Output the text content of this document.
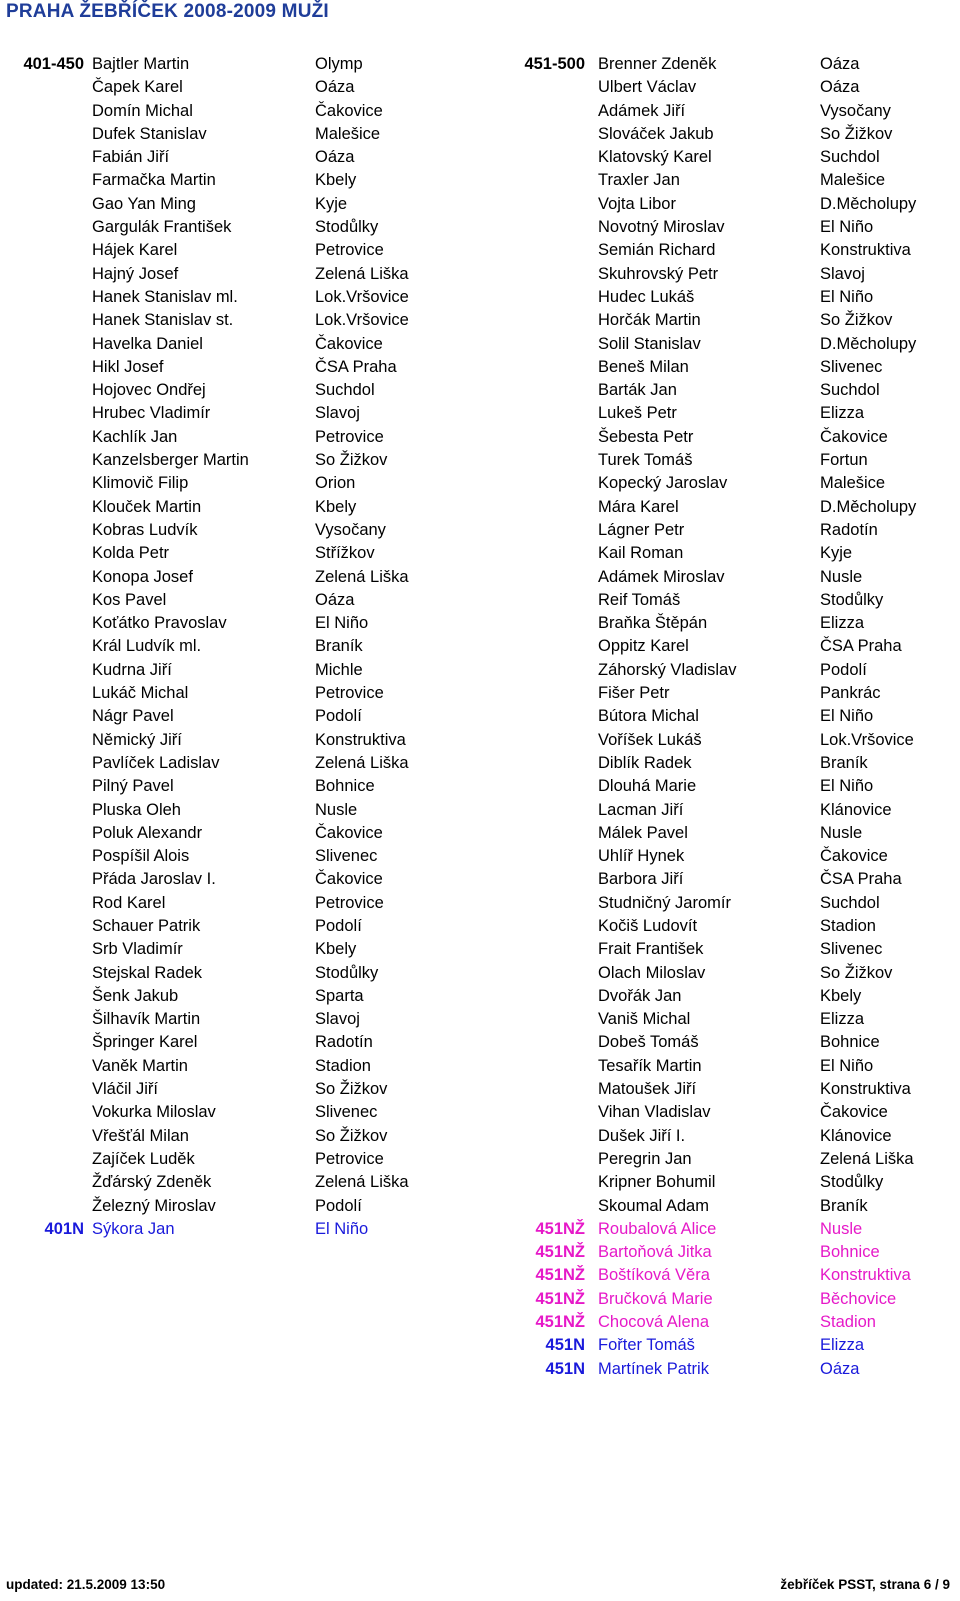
PRAHA ŽEBŘÍČEK 2008-2009 MUŽI
401-450 Bajtler Martin	Olymp
Čapek Karel	Oáza
Domín Michal	Čakovice
Dufek Stanislav	Malešice
Fabián Jiří	Oáza
Farmačka Martin	Kbely
Gao Yan Ming	Kyje
Gargulák František	Stodůlky
Hájek Karel	Petrovice
Hajný Josef	Zelená Liška
Hanek Stanislav ml.	Lok.Vršovice
Hanek Stanislav st.	Lok.Vršovice
Havelka Daniel	Čakovice
Hikl Josef	ČSA Praha
Hojovec Ondřej	Suchdol
Hrubec Vladimír	Slavoj
Kachlík Jan	Petrovice
Kanzelsberger Martin	So Žižkov
Klimovič Filip	Orion
Klouček Martin	Kbely
Kobras Ludvík	Vysočany
Kolda Petr	Střížkov
Konopa Josef	Zelená Liška
Kos Pavel	Oáza
Koťátko Pravoslav	El Niño
Král Ludvík ml.	Braník
Kudrna Jiří	Michle
Lukáč Michal	Petrovice
Nágr Pavel	Podolí
Němický Jiří	Konstruktiva
Pavlíček Ladislav	Zelená Liška
Pilný Pavel	Bohnice
Pluska Oleh	Nusle
Poluk Alexandr	Čakovice
Pospíšil Alois	Slivenec
Přáda Jaroslav I.	Čakovice
Rod Karel	Petrovice
Schauer Patrik	Podolí
Srb Vladimír	Kbely
Stejskal Radek	Stodůlky
Šenk Jakub	Sparta
Šilhavík Martin	Slavoj
Špringer Karel	Radotín
Vaněk Martin	Stadion
Vláčil Jiří	So Žižkov
Vokurka Miloslav	Slivenec
Vřešťál Milan	So Žižkov
Zajíček Luděk	Petrovice
Žďárský Zdeněk	Zelená Liška
Železný Miroslav	Podolí
401N Sýkora Jan	El Niño
451-500 Brenner Zdeněk	Oáza
Ulbert Václav	Oáza
Adámek Jiří	Vysočany
Slováček Jakub	So Žižkov
Klatovský Karel	Suchdol
Traxler Jan	Malešice
Vojta Libor	D.Měcholupy
Novotný Miroslav	El Niño
Semián Richard	Konstruktiva
Skuhrovský Petr	Slavoj
Hudec Lukáš	El Niño
Horčák Martin	So Žižkov
Solil Stanislav	D.Měcholupy
Beneš Milan	Slivenec
Barták Jan	Suchdol
Lukeš Petr	Elizza
Šebesta Petr	Čakovice
Turek Tomáš	Fortun
Kopecký Jaroslav	Malešice
Mára Karel	D.Měcholupy
Lágner Petr	Radotín
Kail Roman	Kyje
Adámek Miroslav	Nusle
Reif Tomáš	Stodůlky
Braňka Štěpán	Elizza
Oppitz Karel	ČSA Praha
Záhorský Vladislav	Podolí
Fišer Petr	Pankrác
Bútora Michal	El Niño
Voříšek Lukáš	Lok.Vršovice
Diblík Radek	Braník
Dlouhá Marie	El Niño
Lacman Jiří	Klánovice
Málek Pavel	Nusle
Uhlíř Hynek	Čakovice
Barbora Jiří	ČSA Praha
Studničný Jaromír	Suchdol
Kočiš Ludovít	Stadion
Frait František	Slivenec
Olach Miloslav	So Žižkov
Dvořák Jan	Kbely
Vaniš Michal	Elizza
Dobeš Tomáš	Bohnice
Tesařík Martin	El Niño
Matoušek Jiří	Konstruktiva
Vihan Vladislav	Čakovice
Dušek Jiří I.	Klánovice
Peregrin Jan	Zelená Liška
Kripner Bohumil	Stodůlky
Skoumal Adam	Braník
451NŽ Roubalová Alice	Nusle
451NŽ Bartoňová Jitka	Bohnice
451NŽ Boštíková Věra	Konstruktiva
451NŽ Bručková Marie	Běchovice
451NŽ Chocová Alena	Stadion
451N Fořter Tomáš	Elizza
451N Martínek Patrik	Oáza
updated: 21.5.2009 13:50	žebříček PSST, strana 6 / 9
